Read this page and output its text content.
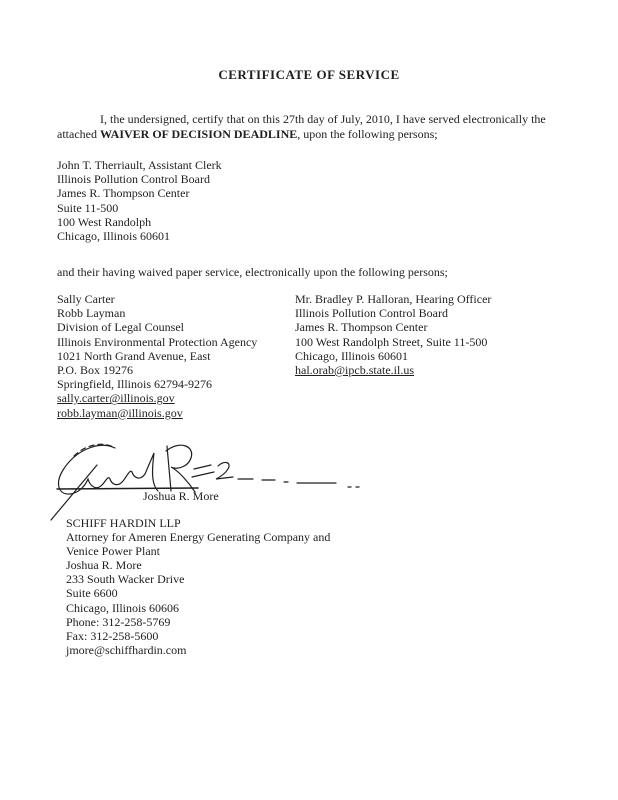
CERTIFICATE OF SERVICE

I, the undersigned, certify that on this 27th day of July, 2010, I have served electronically the attached WAIVER OF DECISION DEADLINE, upon the following persons;

John T. Therriault, Assistant Clerk
Illinois Pollution Control Board
James R. Thompson Center
Suite 11-500
100 West Randolph
Chicago, Illinois 60601

and their having waived paper service, electronically upon the following persons;

Sally Carter
Robb Layman
Division of Legal Counsel
Illinois Environmental Protection Agency
1021 North Grand Avenue, East
P.O. Box 19276
Springfield, Illinois 62794-9276
sally.carter@illinois.gov
robb.layman@illinois.gov
Mr. Bradley P. Halloran, Hearing Officer
Illinois Pollution Control Board
James R. Thompson Center
100 West Randolph Street, Suite 11-500
Chicago, Illinois 60601
hal.orab@ipcb.state.il.us
Joshua R. More
SCHIFF HARDIN LLP
Attorney for Ameren Energy Generating Company and
Venice Power Plant
Joshua R. More
233 South Wacker Drive
Suite 6600
Chicago, Illinois 60606
Phone: 312-258-5769
Fax: 312-258-5600
jmore@schiffhardin.com
